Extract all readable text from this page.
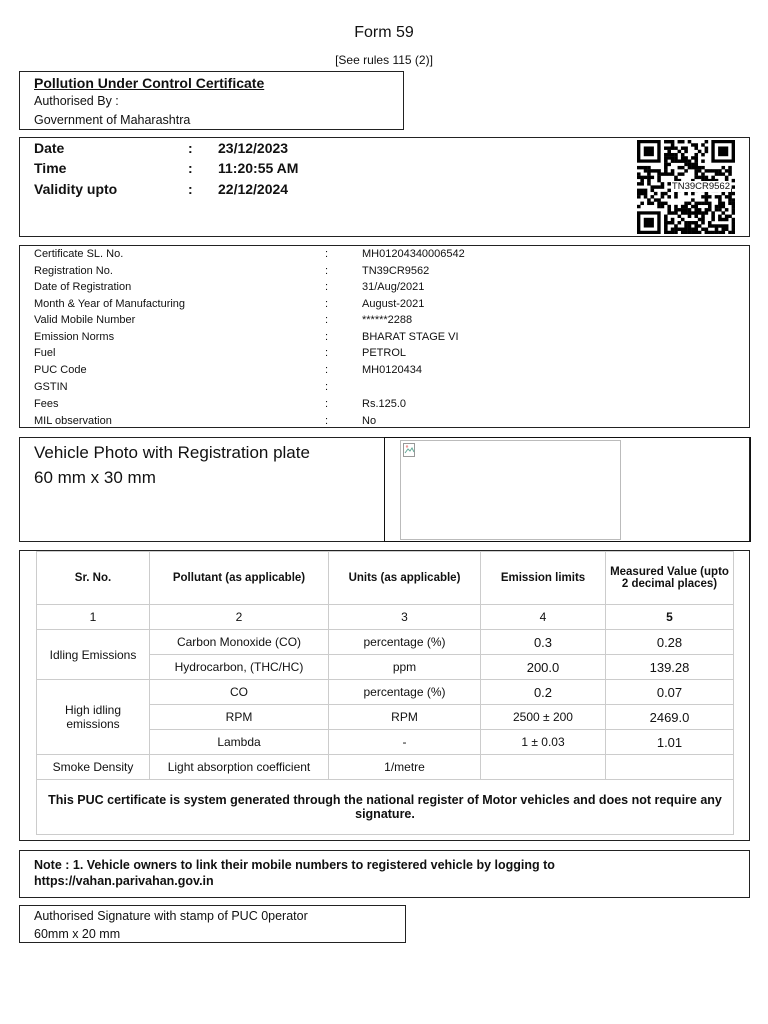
Form 59
[See rules 115 (2)]
Pollution Under Control Certificate
Authorised By :
Government of Maharashtra
Date	: 23/12/2023
Time	: 11:20:55 AM
Validity upto	: 22/12/2024	TN39CR9562
Certificate SL. No.	:	MH01204340006542
Registration No.	:	TN39CR9562
Date of Registration	:	31/Aug/2021
Month & Year of Manufacturing	:	August-2021
Valid Mobile Number	:	******2288
Emission Norms	:	BHARAT STAGE VI
Fuel	:	PETROL
PUC Code	:	MH0120434
GSTIN	:
Fees	:	Rs.125.0
MIL observation	:	No
Vehicle Photo with Registration plate
60 mm x 30 mm
Sr. No.	Pollutant (as applicable)	Units (as applicable)	Emission limits	Measured Value (upto 2 decimal places)
1	2	3	4	5
Idling Emissions	Carbon Monoxide (CO)	percentage (%)	0.3	0.28
	Hydrocarbon, (THC/HC)	ppm	200.0	139.28
High idling emissions	CO	percentage (%)	0.2	0.07
	RPM	RPM	2500 ± 200	2469.0
	Lambda	-	1 ± 0.03	1.01
Smoke Density	Light absorption coefficient	1/metre		
This PUC certificate is system generated through the national register of Motor vehicles and does not require any signature.				
Note : 1. Vehicle owners to link their mobile numbers to registered vehicle by logging to
https://vahan.parivahan.gov.in
Authorised Signature with stamp of PUC 0perator
60mm x 20 mm
